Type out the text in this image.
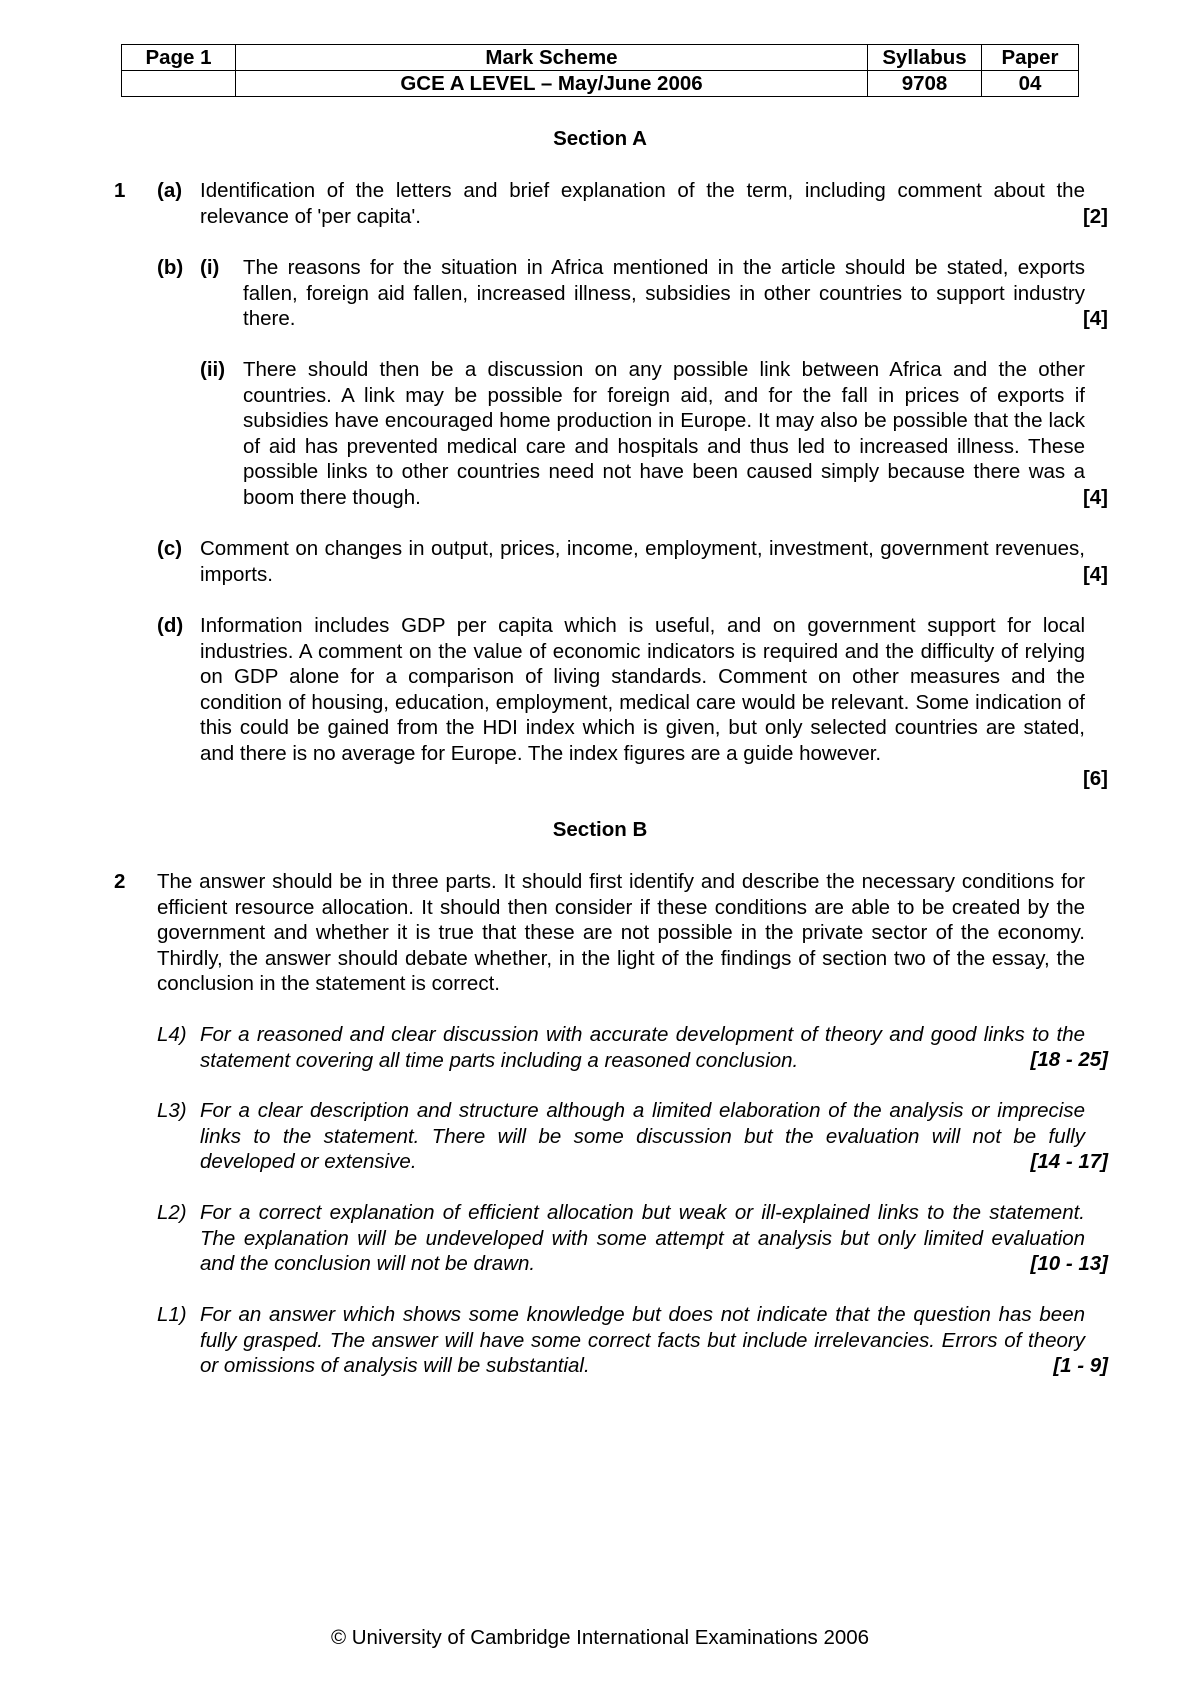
Page 1	Mark Scheme	Syllabus	Paper
	GCE A LEVEL – May/June 2006	9708	04
Section A
1 (a) Identification of the letters and brief explanation of the term, including comment about the relevance of 'per capita'.	[2]
(b) (i) The reasons for the situation in Africa mentioned in the article should be stated, exports fallen, foreign aid fallen, increased illness, subsidies in other countries to support industry there.	[4]
(ii) There should then be a discussion on any possible link between Africa and the other countries. A link may be possible for foreign aid, and for the fall in prices of exports if subsidies have encouraged home production in Europe. It may also be possible that the lack of aid has prevented medical care and hospitals and thus led to increased illness. These possible links to other countries need not have been caused simply because there was a boom there though.	[4]
(c) Comment on changes in output, prices, income, employment, investment, government revenues, imports.	[4]
(d) Information includes GDP per capita which is useful, and on government support for local industries. A comment on the value of economic indicators is required and the difficulty of relying on GDP alone for a comparison of living standards. Comment on other measures and the condition of housing, education, employment, medical care would be relevant. Some indication of this could be gained from the HDI index which is given, but only selected countries are stated, and there is no average for Europe. The index figures are a guide however.
[6]
Section B
2 The answer should be in three parts. It should first identify and describe the necessary conditions for efficient resource allocation. It should then consider if these conditions are able to be created by the government and whether it is true that these are not possible in the private sector of the economy. Thirdly, the answer should debate whether, in the light of the findings of section two of the essay, the conclusion in the statement is correct.
L4) For a reasoned and clear discussion with accurate development of theory and good links to the statement covering all time parts including a reasoned conclusion.	[18 - 25]
L3) For a clear description and structure although a limited elaboration of the analysis or imprecise links to the statement. There will be some discussion but the evaluation will not be fully developed or extensive.	[14 - 17]
L2) For a correct explanation of efficient allocation but weak or ill-explained links to the statement. The explanation will be undeveloped with some attempt at analysis but only limited evaluation and the conclusion will not be drawn.	[10 - 13]
L1) For an answer which shows some knowledge but does not indicate that the question has been fully grasped. The answer will have some correct facts but include irrelevancies. Errors of theory or omissions of analysis will be substantial.	[1 - 9]
© University of Cambridge International Examinations 2006
